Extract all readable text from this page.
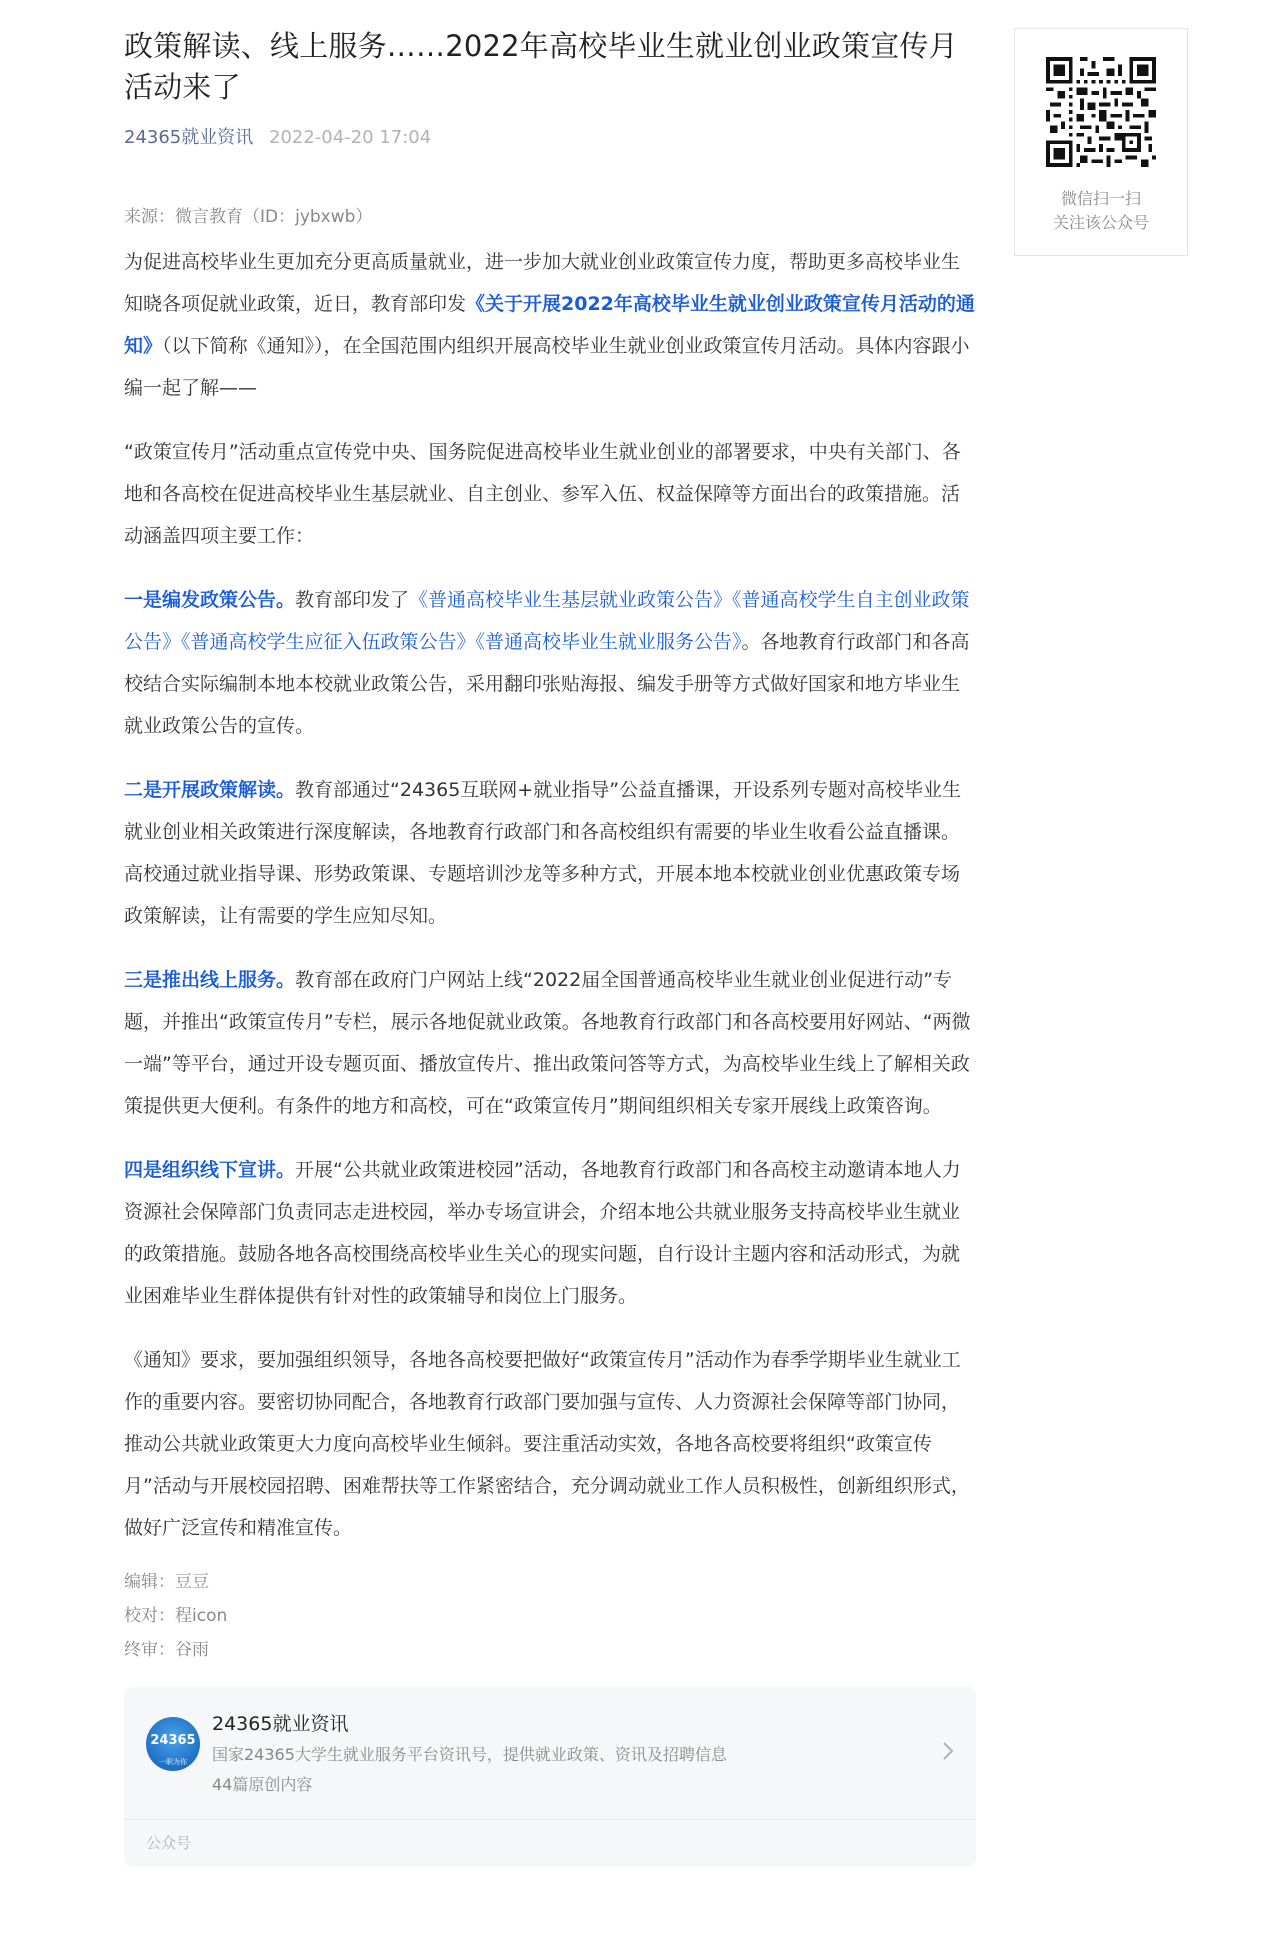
政策解读、线上服务……2022年高校毕业生就业创业政策宣传月活动来了
24365就业资讯 2022-04-20 17:04
来源：微言教育（ID：jybxwb）

为促进高校毕业生更加充分更高质量就业，进一步加大就业创业政策宣传力度，帮助更多高校毕业生知晓各项促就业政策，近日，教育部印发《关于开展2022年高校毕业生就业创业政策宣传月活动的通知》（以下简称《通知》），在全国范围内组织开展高校毕业生就业创业政策宣传月活动。具体内容跟小编一起了解——

“政策宣传月”活动重点宣传党中央、国务院促进高校毕业生就业创业的部署要求，中央有关部门、各地和各高校在促进高校毕业生基层就业、自主创业、参军入伍、权益保障等方面出台的政策措施。活动涵盖四项主要工作：

一是编发政策公告。教育部印发了《普通高校毕业生基层就业政策公告》《普通高校学生自主创业政策公告》《普通高校学生应征入伍政策公告》《普通高校毕业生就业服务公告》。各地教育行政部门和各高校结合实际编制本地本校就业政策公告，采用翻印张贴海报、编发手册等方式做好国家和地方毕业生就业政策公告的宣传。

二是开展政策解读。教育部通过“24365互联网+就业指导”公益直播课，开设系列专题对高校毕业生就业创业相关政策进行深度解读，各地教育行政部门和各高校组织有需要的毕业生收看公益直播课。高校通过就业指导课、形势政策课、专题培训沙龙等多种方式，开展本地本校就业创业优惠政策专场政策解读，让有需要的学生应知尽知。

三是推出线上服务。教育部在政府门户网站上线“2022届全国普通高校毕业生就业创业促进行动”专题，并推出“政策宣传月”专栏，展示各地促就业政策。各地教育行政部门和各高校要用好网站、“两微一端”等平台，通过开设专题页面、播放宣传片、推出政策问答等方式，为高校毕业生线上了解相关政策提供更大便利。有条件的地方和高校，可在“政策宣传月”期间组织相关专家开展线上政策咨询。

四是组织线下宣讲。开展“公共就业政策进校园”活动，各地教育行政部门和各高校主动邀请本地人力资源社会保障部门负责同志走进校园，举办专场宣讲会，介绍本地公共就业服务支持高校毕业生就业的政策措施。鼓励各地各高校围绕高校毕业生关心的现实问题，自行设计主题内容和活动形式，为就业困难毕业生群体提供有针对性的政策辅导和岗位上门服务。

《通知》要求，要加强组织领导，各地各高校要把做好“政策宣传月”活动作为春季学期毕业生就业工作的重要内容。要密切协同配合，各地教育行政部门要加强与宣传、人力资源社会保障等部门协同，推动公共就业政策更大力度向高校毕业生倾斜。要注重活动实效，各地各高校要将组织“政策宣传月”活动与开展校园招聘、困难帮扶等工作紧密结合，充分调动就业工作人员积极性，创新组织形式，做好广泛宣传和精准宣传。

编辑：豆豆
校对：程icon
终审：谷雨
24365
一职为你
24365就业资讯
国家24365大学生就业服务平台资讯号，提供就业政策、资讯及招聘信息
44篇原创内容
公众号
微信扫一扫
关注该公众号
